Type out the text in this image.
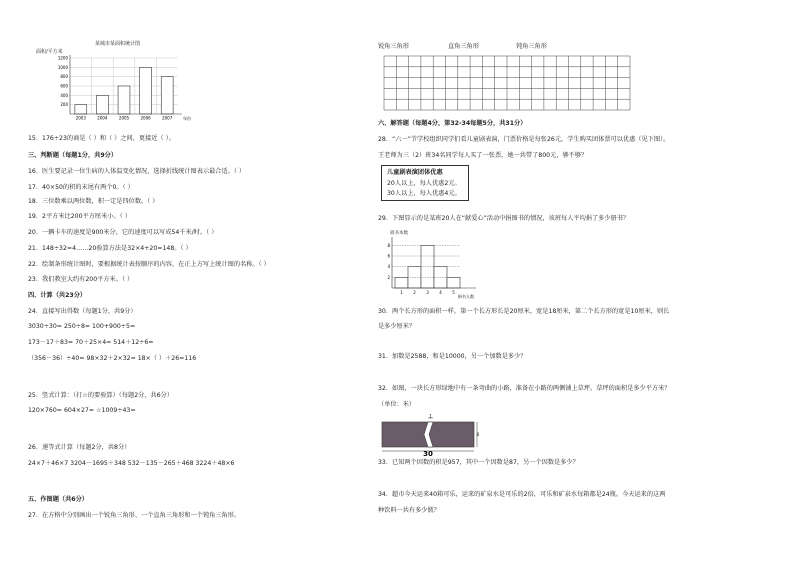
某城市某面积统计图
面积/平方米
200
400
600
800
1000
1200
2003	2004	2005	2006	2007	年份
15．176÷23的商是（ ）和（ ）之间，更接近（ ）。
三、判断题（每题1分，共9分）
16．医生要记录一位生病的人体温变化情况，选择折线统计图表示最合适。（ ）
17．40×50的积的末尾有两个0。（ ）
18．三位数乘以两位数，积一定是四位数。（ ）
19．2平方米比200平方厘米小。（ ）
20．一辆卡车的速度是900米分，它的速度可以写成54千米/时。（ ）
21．148÷32=4……20验算方法是32×4+20=148。（ ）
22．绘制条形统计图时，要根据统计表按顺序的内容，在正上方写上统计图的名称。（ ）
23．我们教室大约有200平方米。（ ）
四、计算（共23分）
24．直接写出得数（每题1分，共9分）
3030÷30= 250÷8= 100+900÷5=
173－17＋83= 70＋25×4= 514＋12÷6=
（356－36）÷40= 98×32＋2×32= 18×（ ）＋26=116
25．竖式计算：（打☆的要验算）（每题2分，共6分）
120×760= 604×27= ☆1009÷43=
26．递等式计算（每题2分，共8分）
24×7＋46×7 3204－1695＋348 532－135－265＋468 3224＋48×6
五、作图题（共6分）
27．在方格中分别画出一个锐角三角形、一个直角三角形和一个钝角三角形。
锐角三角形	直角三角形	钝角三角形
六、解答题（每题4分，第32-34每题5分，共31分）
28．“六一”节学校组织同学们看儿童剧表演，门票价格是每张26元，学生购买团体票可以优惠（见下图）。
王老师为三（2）班34名同学每人买了一张票，她一共带了800元，够不够？
儿童剧表演团体优惠
20人以上，每人优惠2元。
30人以上，每人优惠4元。
29．下图显示的是某班20人在“献爱心”活动中捐图书的情况，该班每人平均捐了多少册书？
捐书本数
1	2	3	4	5
2
4
6
8
捐书人数
30．两个长方形的面积一样，第一个长方形长是20厘米，宽是18厘米，第二个长方形的宽是10厘米，则长
是多少厘米？
31．加数是2588，和是10000，另一个加数是多少？
32．如图，一块长方形绿地中有一条弯曲的小路，准备在小路的两侧铺上草坪。草坪的面积是多少平方米？
（单位：米）
1
8
30
33．已知两个因数的积是957，其中一个因数是87，另一个因数是多少？
34．超市今天运来40箱可乐，运来的矿泉水是可乐的2倍，可乐和矿泉水每箱都是24瓶。今天运来的这两
种饮料一共有多少瓶？
